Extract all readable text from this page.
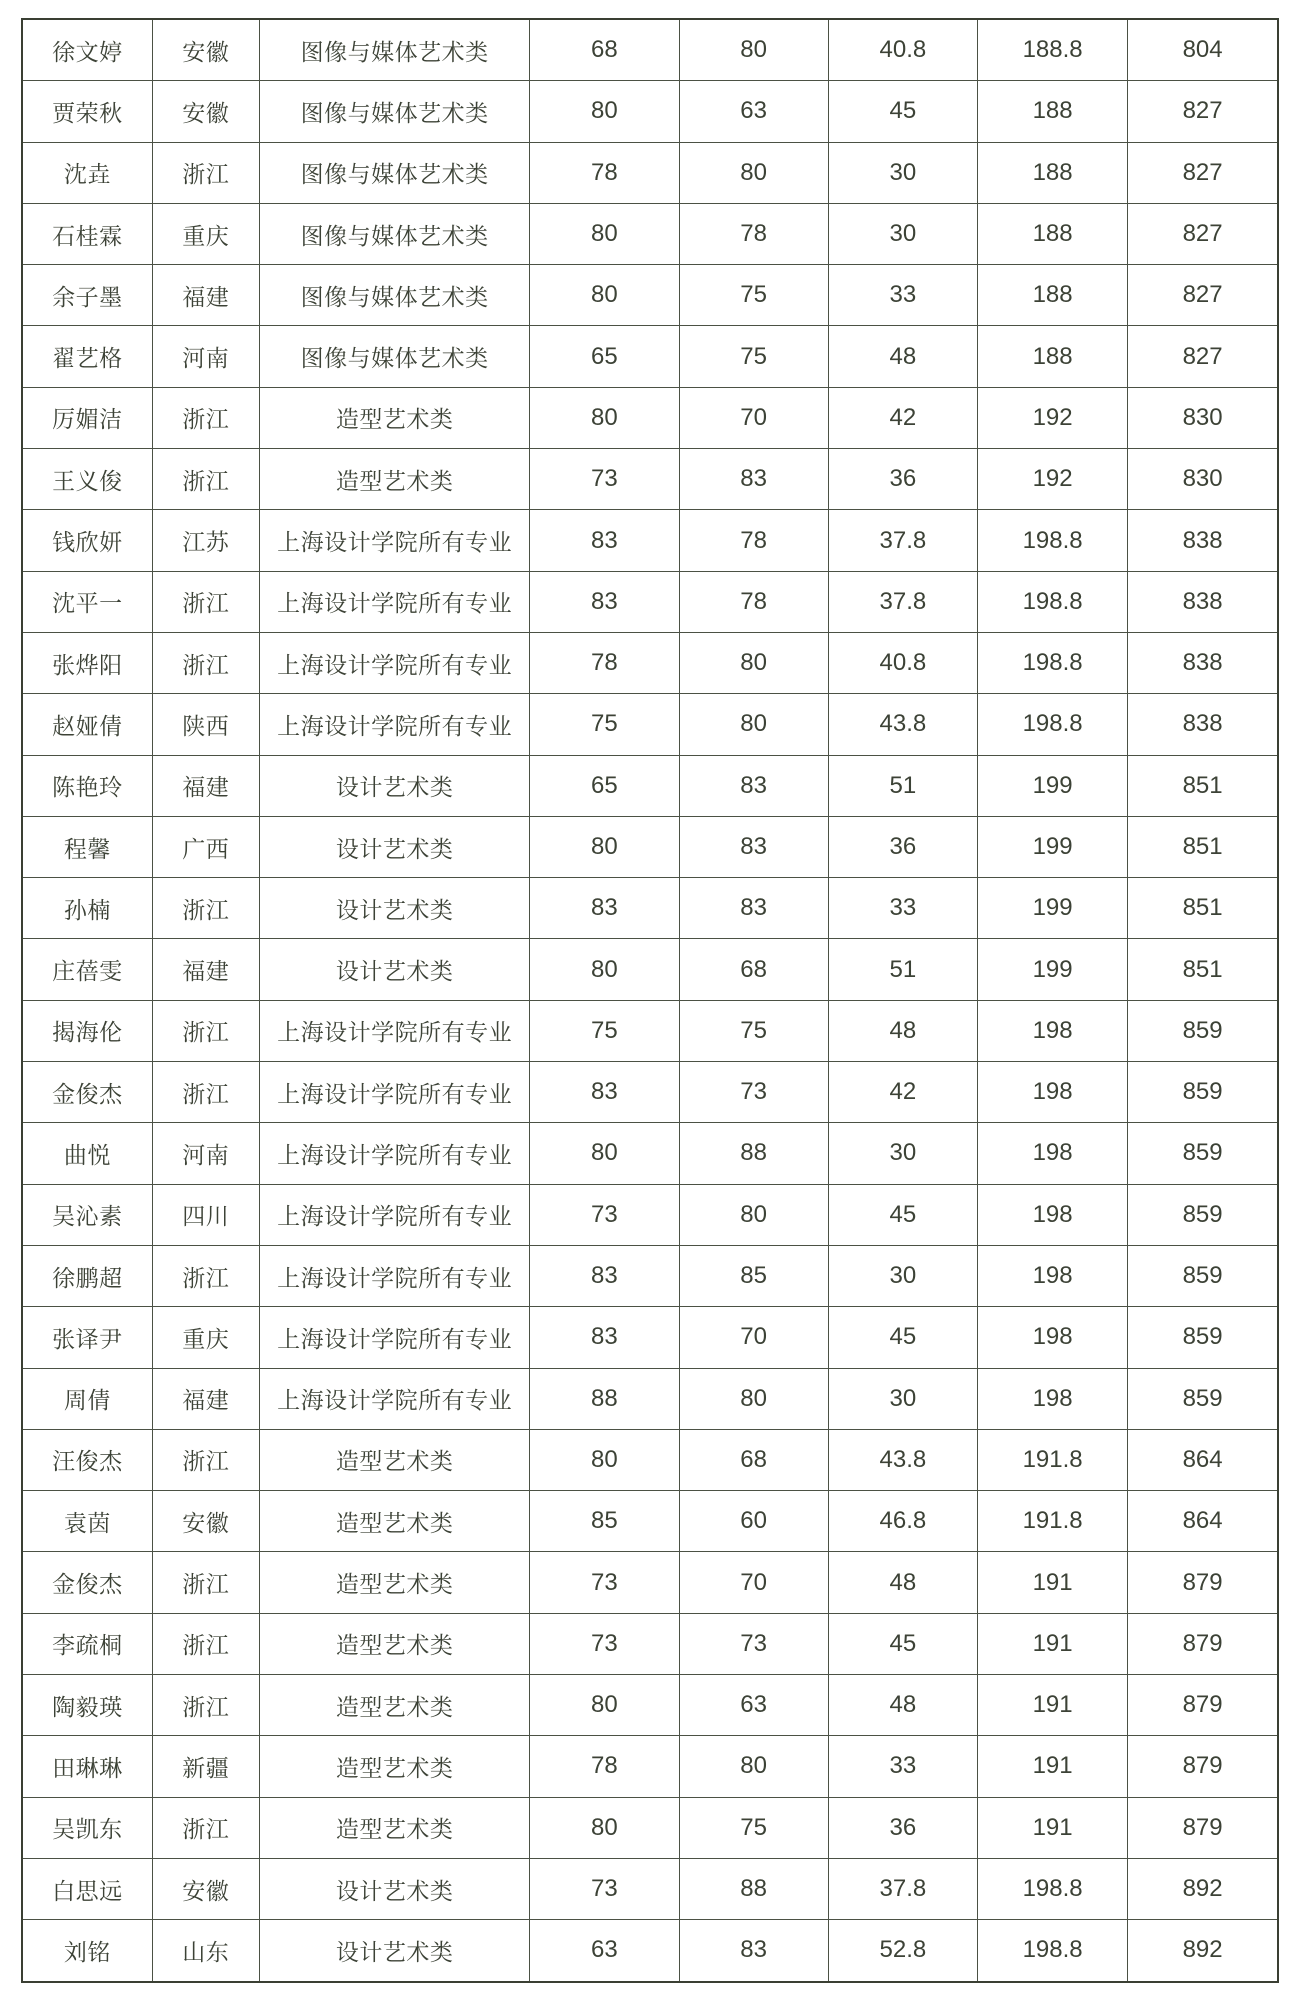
徐文婷	安徽	图像与媒体艺术类	68	80	40.8	188.8	804
贾荣秋	安徽	图像与媒体艺术类	80	63	45	188	827
沈垚	浙江	图像与媒体艺术类	78	80	30	188	827
石桂霖	重庆	图像与媒体艺术类	80	78	30	188	827
余子墨	福建	图像与媒体艺术类	80	75	33	188	827
翟艺格	河南	图像与媒体艺术类	65	75	48	188	827
厉媚洁	浙江	造型艺术类	80	70	42	192	830
王义俊	浙江	造型艺术类	73	83	36	192	830
钱欣妍	江苏	上海设计学院所有专业	83	78	37.8	198.8	838
沈平一	浙江	上海设计学院所有专业	83	78	37.8	198.8	838
张烨阳	浙江	上海设计学院所有专业	78	80	40.8	198.8	838
赵娅倩	陕西	上海设计学院所有专业	75	80	43.8	198.8	838
陈艳玲	福建	设计艺术类	65	83	51	199	851
程馨	广西	设计艺术类	80	83	36	199	851
孙楠	浙江	设计艺术类	83	83	33	199	851
庄蓓雯	福建	设计艺术类	80	68	51	199	851
揭海伦	浙江	上海设计学院所有专业	75	75	48	198	859
金俊杰	浙江	上海设计学院所有专业	83	73	42	198	859
曲悦	河南	上海设计学院所有专业	80	88	30	198	859
吴沁素	四川	上海设计学院所有专业	73	80	45	198	859
徐鹏超	浙江	上海设计学院所有专业	83	85	30	198	859
张译尹	重庆	上海设计学院所有专业	83	70	45	198	859
周倩	福建	上海设计学院所有专业	88	80	30	198	859
汪俊杰	浙江	造型艺术类	80	68	43.8	191.8	864
袁茵	安徽	造型艺术类	85	60	46.8	191.8	864
金俊杰	浙江	造型艺术类	73	70	48	191	879
李疏桐	浙江	造型艺术类	73	73	45	191	879
陶毅瑛	浙江	造型艺术类	80	63	48	191	879
田琳琳	新疆	造型艺术类	78	80	33	191	879
吴凯东	浙江	造型艺术类	80	75	36	191	879
白思远	安徽	设计艺术类	73	88	37.8	198.8	892
刘铭	山东	设计艺术类	63	83	52.8	198.8	892
